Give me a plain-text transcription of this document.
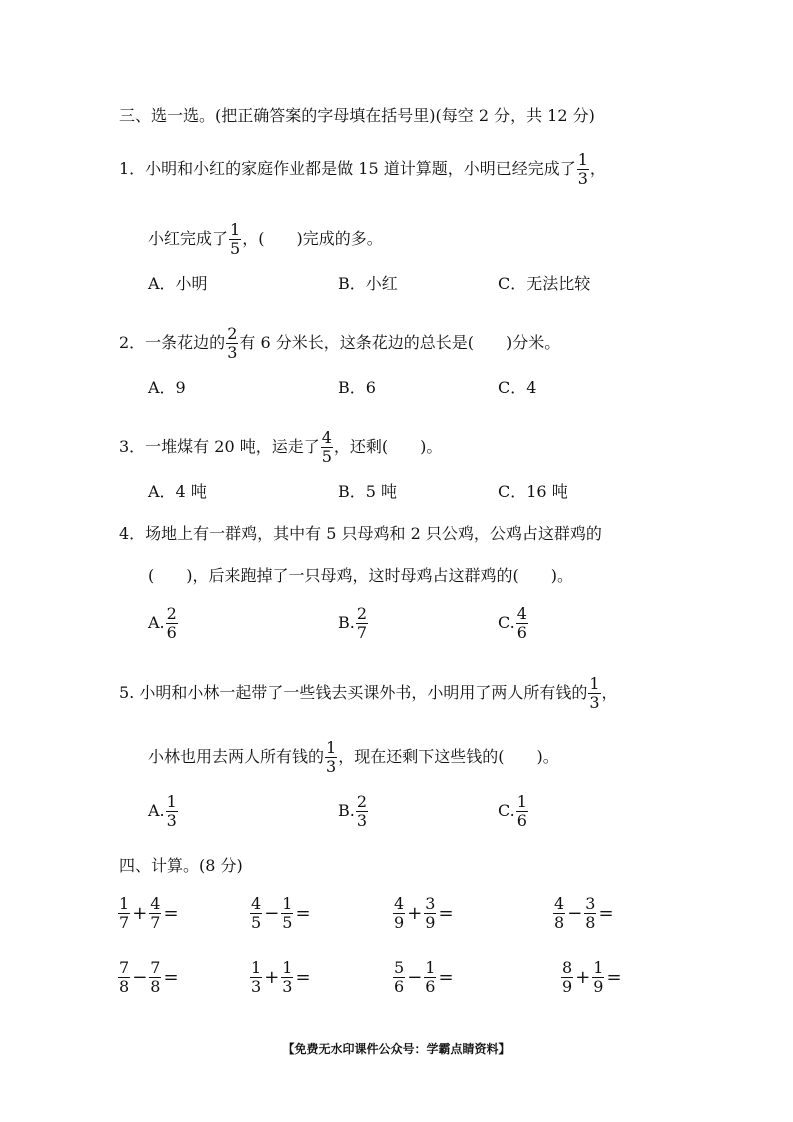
三、选一选。(把正确答案的字母填在括号里)(每空 2 分，共 12 分)
1．小明和小红的家庭作业都是做 15 道计算题，小明已经完成了 $\frac{1}{3}$ ，
小红完成了 $\frac{1}{5}$ ，(　　)完成的多。
A．小明	B．小红	C．无法比较
2．一条花边的 $\frac{2}{3}$ 有 6 分米长，这条花边的总长是(　　)分米。
A．9	B．6	C．4
3．一堆煤有 20 吨，运走了 $\frac{4}{5}$ ，还剩(　　)。
A．4 吨	B．5 吨	C．16 吨
4．场地上有一群鸡，其中有 5 只母鸡和 2 只公鸡，公鸡占这群鸡的
(　　)，后来跑掉了一只母鸡，这时母鸡占这群鸡的(　　)。
A. $\frac{2}{6}$	B. $\frac{2}{7}$	C. $\frac{4}{6}$
5. 小明和小林一起带了一些钱去买课外书，小明用了两人所有钱的 $\frac{1}{3}$ ，
小林也用去两人所有钱的 $\frac{1}{3}$ ，现在还剩下这些钱的(　　)。
A. $\frac{1}{3}$	B. $\frac{2}{3}$	C. $\frac{1}{6}$
四、计算。(8 分)
$\frac{1}{7} + \frac{4}{7}$ =	$\frac{4}{5} - \frac{1}{5}$ =	$\frac{4}{9} + \frac{3}{9}$ =	$\frac{4}{8} - \frac{3}{8}$ =
$\frac{7}{8} - \frac{7}{8}$ =	$\frac{1}{3} + \frac{1}{3}$ =	$\frac{5}{6} - \frac{1}{6}$ =	$\frac{8}{9} + \frac{1}{9}$ =
【免费无水印课件公众号：学霸点睛资料】
